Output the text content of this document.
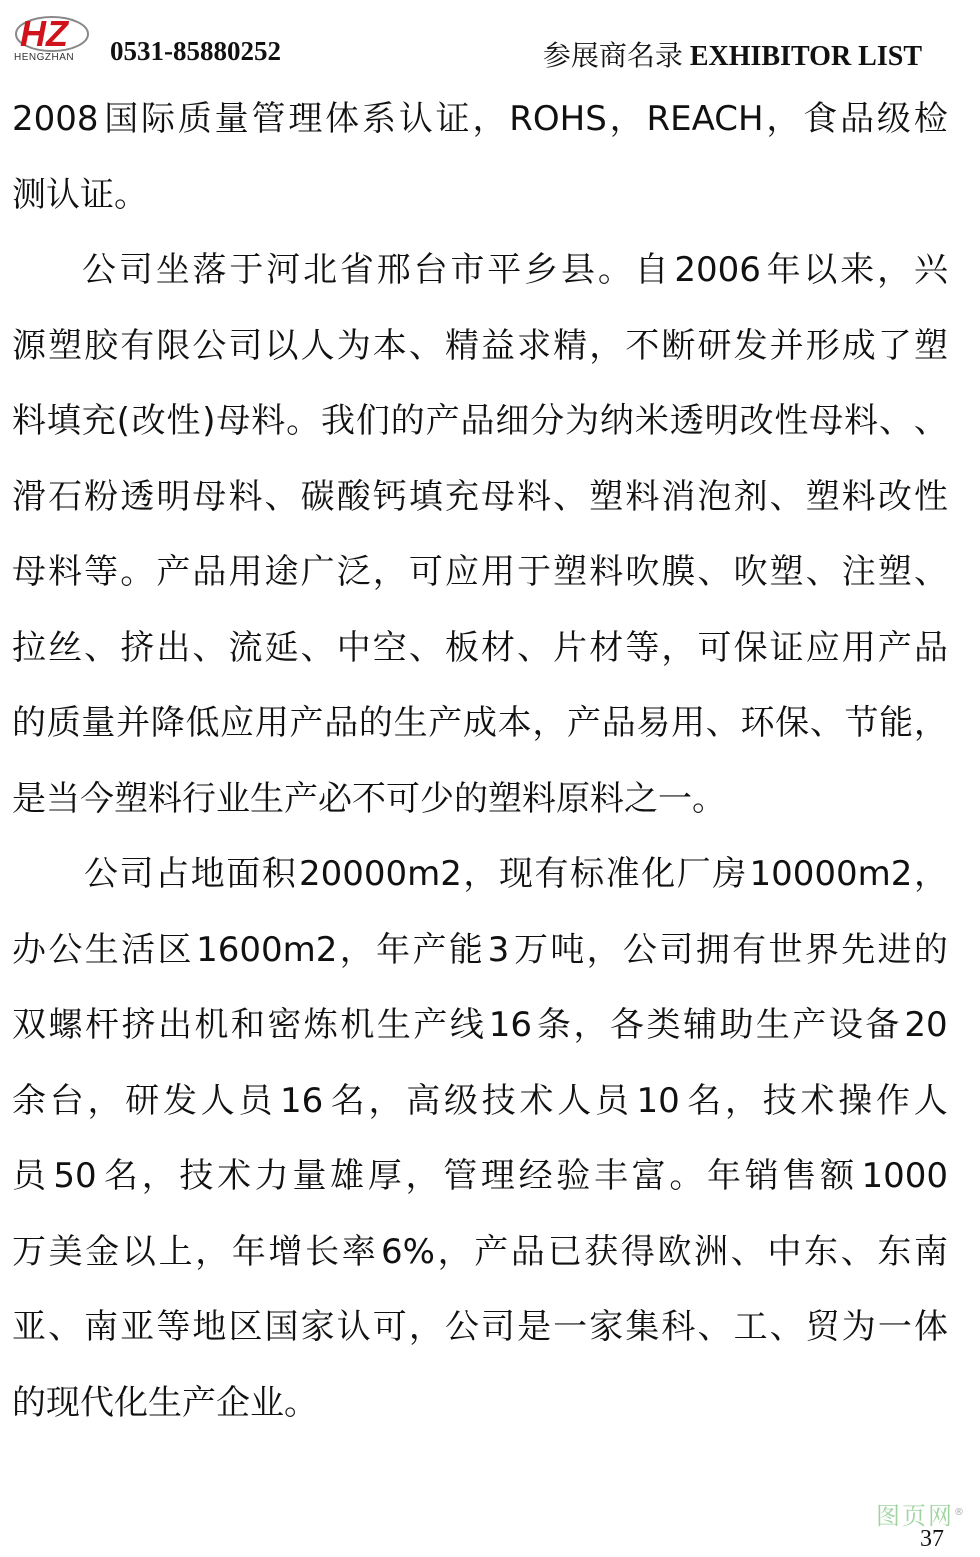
HZ
HENGZHAN 0531-85880252	参展商名录 EXHIBITOR LIST
2008 国 际 质 量 管 理 体 系 认 证 ， ROHS ， REACH ， 食 品 级 检
测认证。
公 司 坐 落 于 河 北 省 邢 台 市 平 乡 县 。 自 2006 年 以 来 ， 兴
源 塑 胶 有 限 公 司 以 人 为 本 、 精 益 求 精 ， 不 断 研 发 并 形 成 了 塑
料 填 充 ( 改 性 ) 母 料 。 我 们 的 产 品 细 分 为 纳 米 透 明 改 性 母 料 、 、
滑 石 粉 透 明 母 料 、 碳 酸 钙 填 充 母 料 、 塑 料 消 泡 剂 、 塑 料 改 性
母 料 等 。 产 品 用 途 广 泛 ， 可 应 用 于 塑 料 吹 膜 、 吹 塑 、 注 塑 、
拉 丝 、 挤 出 、 流 延 、 中 空 、 板 材 、 片 材 等 ， 可 保 证 应 用 产 品
的 质 量 并 降 低 应 用 产 品 的 生 产 成 本 ， 产 品 易 用 、 环 保 、 节 能 ，
是当今塑料行业生产必不可少的塑料原料之一。
公 司 占 地 面 积 20000m2 ， 现 有 标 准 化 厂 房 10000m2 ，
办 公 生 活 区 1600m2 ， 年 产 能 3 万 吨 ， 公 司 拥 有 世 界 先 进 的
双 螺 杆 挤 出 机 和 密 炼 机 生 产 线 16 条 ， 各 类 辅 助 生 产 设 备 20
余 台 ， 研 发 人 员 16 名 ， 高 级 技 术 人 员 10 名 ， 技 术 操 作 人
员 50 名 ， 技 术 力 量 雄 厚 ， 管 理 经 验 丰 富 。 年 销 售 额 1000
万 美 金 以 上 ， 年 增 长 率 6% ， 产 品 已 获 得 欧 洲 、 中 东 、 东 南
亚 、 南 亚 等 地 区 国 家 认 可 ， 公 司 是 一 家 集 科 、 工 、 贸 为 一 体
的现代化生产企业。
图页网®
37
